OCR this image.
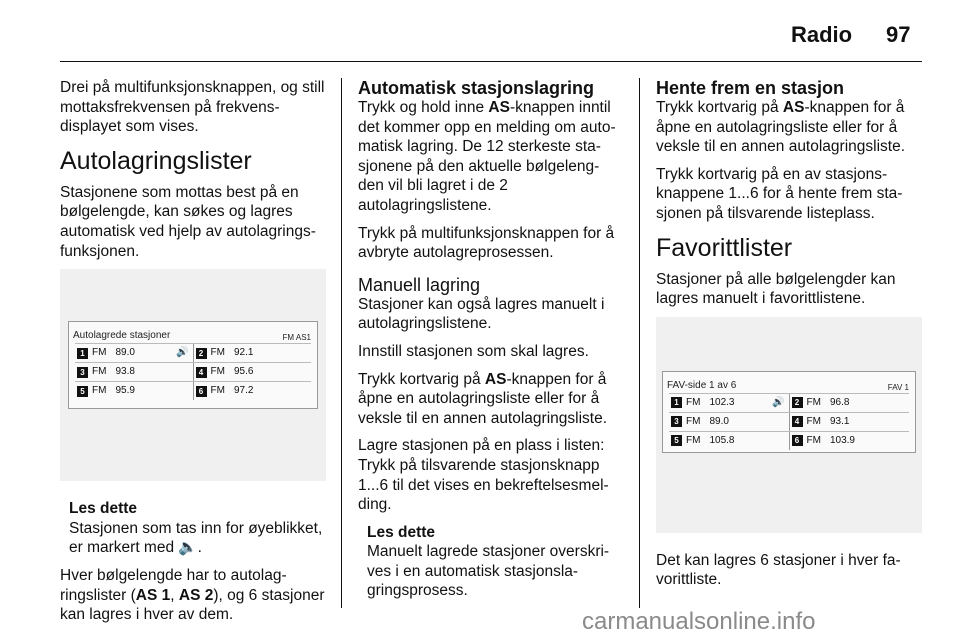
Radio 97

Drei på multifunksjonsknappen, og still mottaksfrekvensen på frekvens-displayet som vises.

Autolagringslister

Stasjonene som mottas best på en bølgelengde, kan søkes og lagres automatisk ved hjelp av autolagrings-funksjonen.

Autolagrede stasjoner	FM AS1
1 FM 89.0	🔊	2 FM 92.1
3 FM 93.8	4 FM 95.6
5 FM 95.9	6 FM 97.2
Les dette

Stasjonen som tas inn for øyeblikket, er markert med 🔈.

Hver bølgelengde har to autolag-ringslister (AS 1, AS 2), og 6 stasjoner kan lagres i hver av dem.

Automatisk stasjonslagring

Trykk og hold inne AS-knappen inntil det kommer opp en melding om auto-matisk lagring. De 12 sterkeste sta-sjonene på den aktuelle bølgeleng-den vil bli lagret i de 2 autolagringslistene.

Trykk på multifunksjonsknappen for å avbryte autolagreprosessen.

Manuell lagring

Stasjoner kan også lagres manuelt i autolagringslistene.

Innstill stasjonen som skal lagres.

Trykk kortvarig på AS-knappen for å åpne en autolagringsliste eller for å veksle til en annen autolagringsliste.

Lagre stasjonen på en plass i listen: Trykk på tilsvarende stasjonsknapp 1...6 til det vises en bekreftelsesmel-ding.

Les dette

Manuelt lagrede stasjoner overskri-ves i en automatisk stasjonsla-gringsprosess.

Hente frem en stasjon

Trykk kortvarig på AS-knappen for å åpne en autolagringsliste eller for å veksle til en annen autolagringsliste.

Trykk kortvarig på en av stasjons-knappene 1...6 for å hente frem sta-sjonen på tilsvarende listeplass.

Favorittlister

Stasjoner på alle bølgelengder kan lagres manuelt i favorittlistene.

FAV-side 1 av 6	FAV 1
1 FM 102.3	🔊	2 FM 96.8
3 FM 89.0	4 FM 93.1
5 FM 105.8	6 FM 103.9

Det kan lagres 6 stasjoner i hver fa-vorittliste.

carmanualsonline.info
